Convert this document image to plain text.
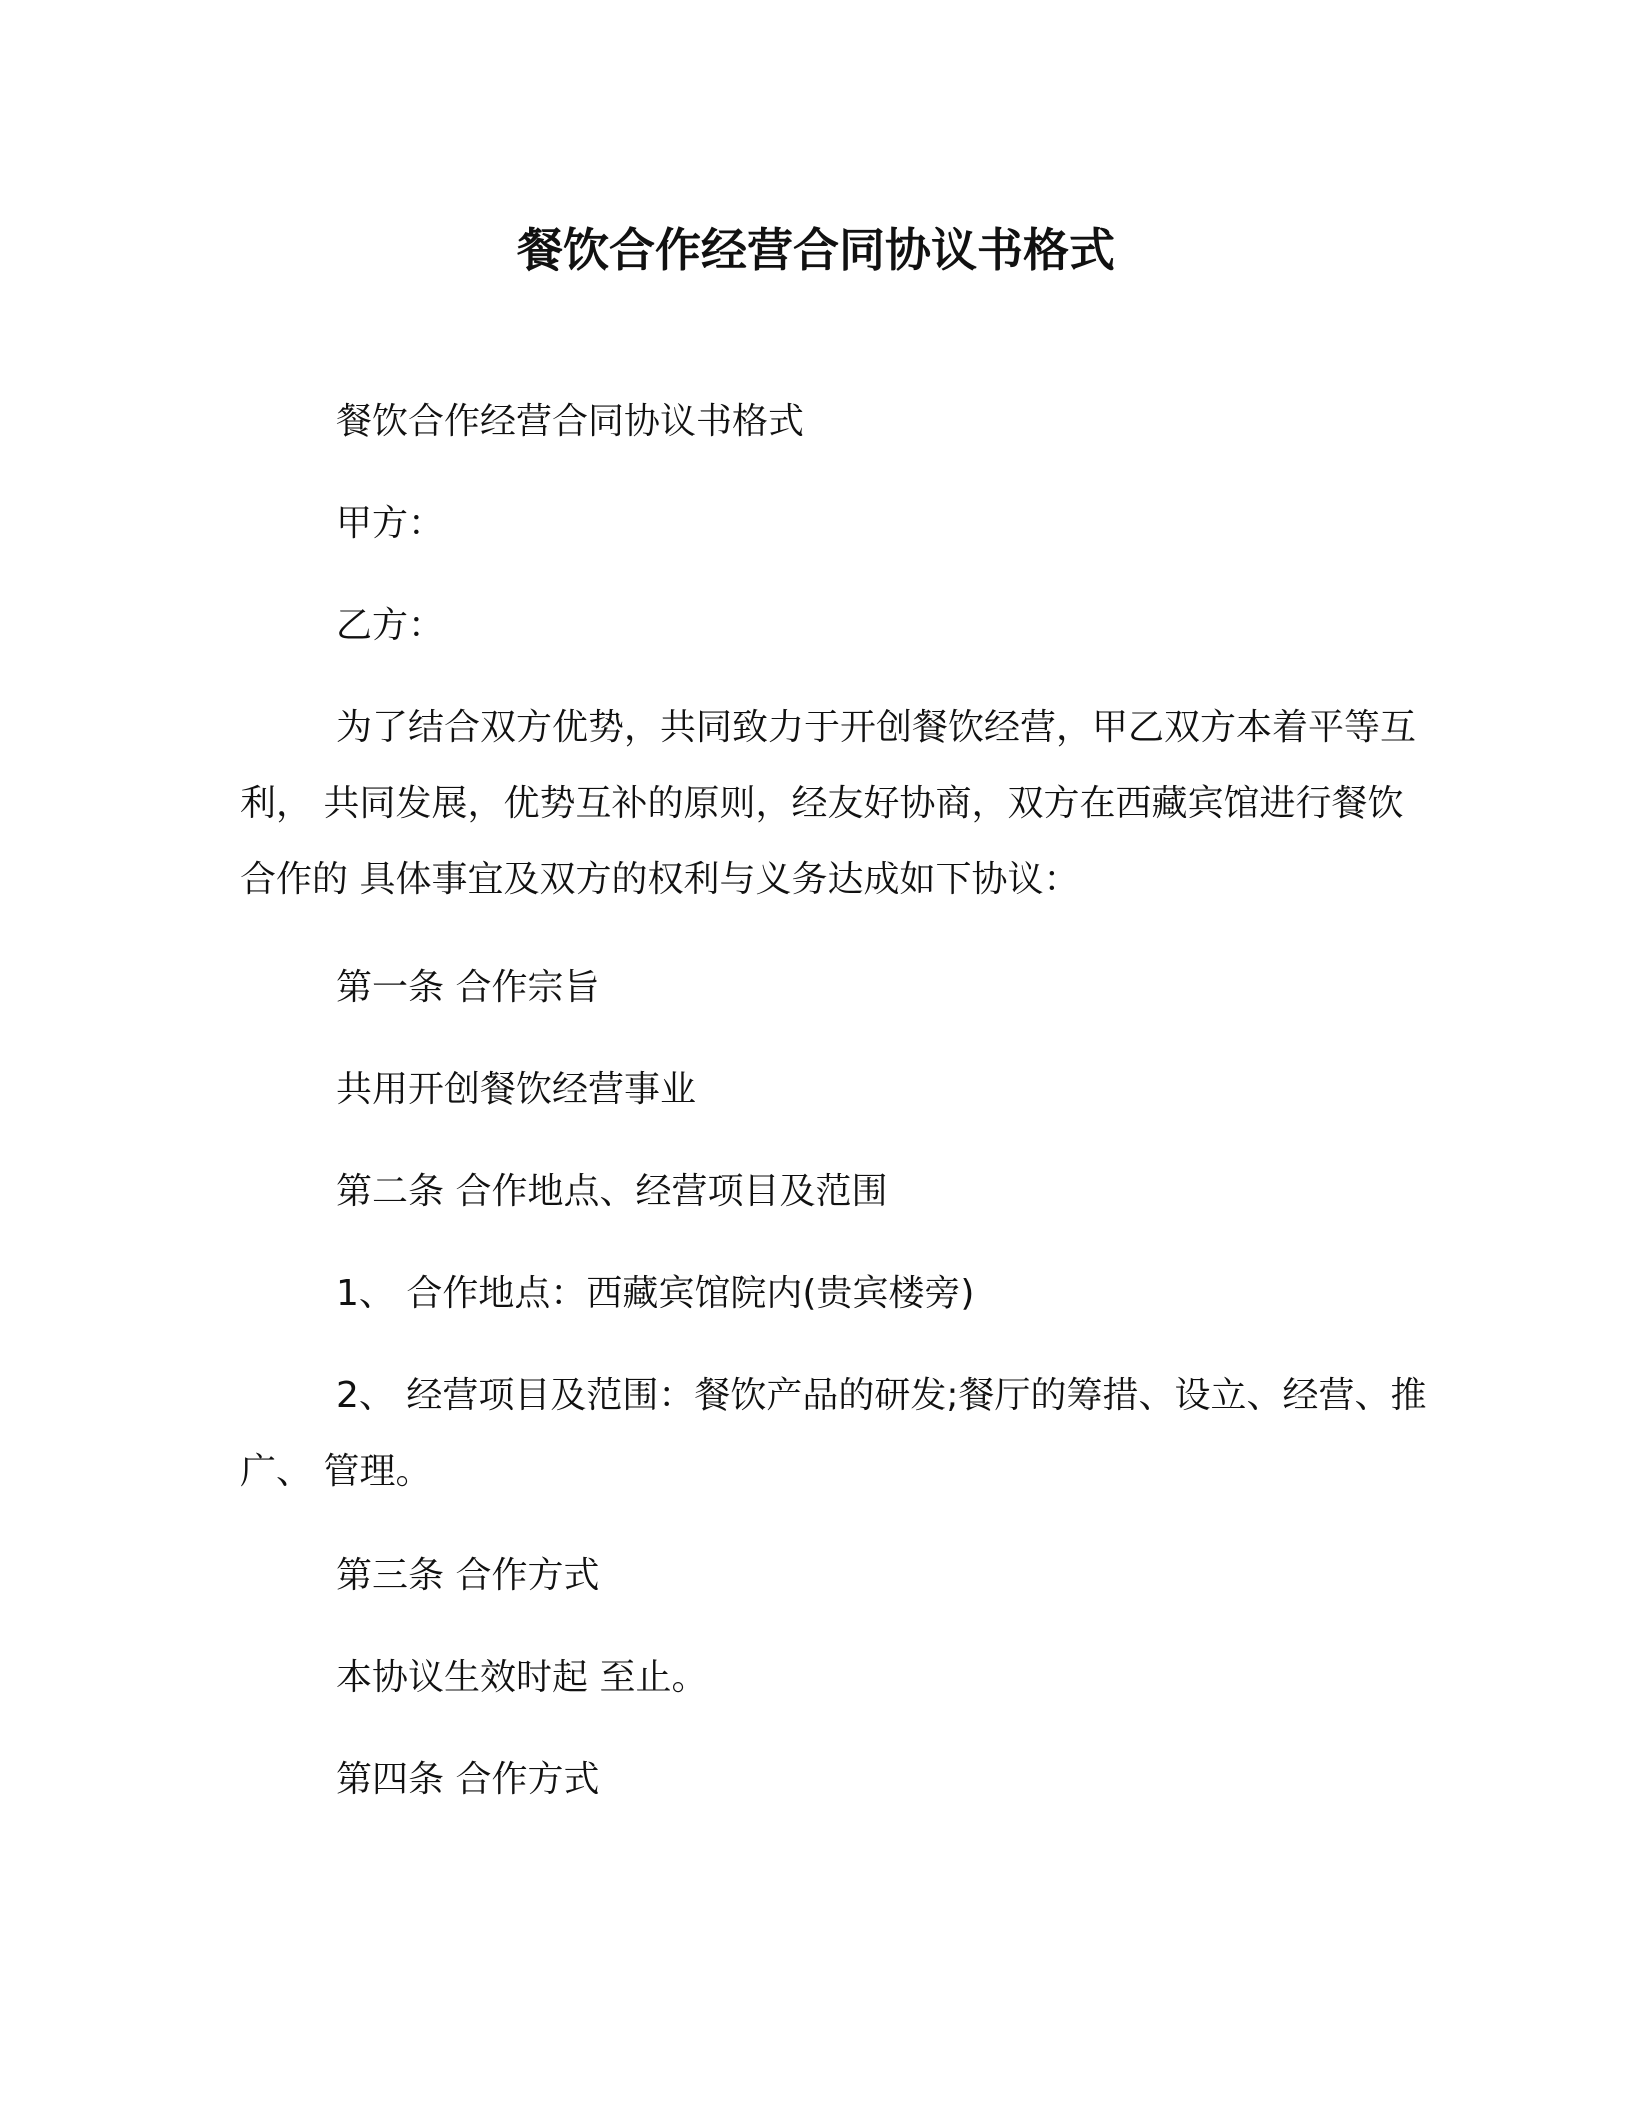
餐饮合作经营合同协议书格式
餐饮合作经营合同协议书格式
甲方：
乙方：
为了结合双方优势，共同致力于开创餐饮经营，甲乙双方本着平等互利， 共同发展，优势互补的原则，经友好协商，双方在西藏宾馆进行餐饮合作的 具体事宜及双方的权利与义务达成如下协议：
第一条 合作宗旨
共用开创餐饮经营事业
第二条 合作地点、经营项目及范围
1、 合作地点：西藏宾馆院内(贵宾楼旁)
2、 经营项目及范围：餐饮产品的研发;餐厅的筹措、设立、经营、推广、 管理。
第三条 合作方式
本协议生效时起 至止。
第四条 合作方式
